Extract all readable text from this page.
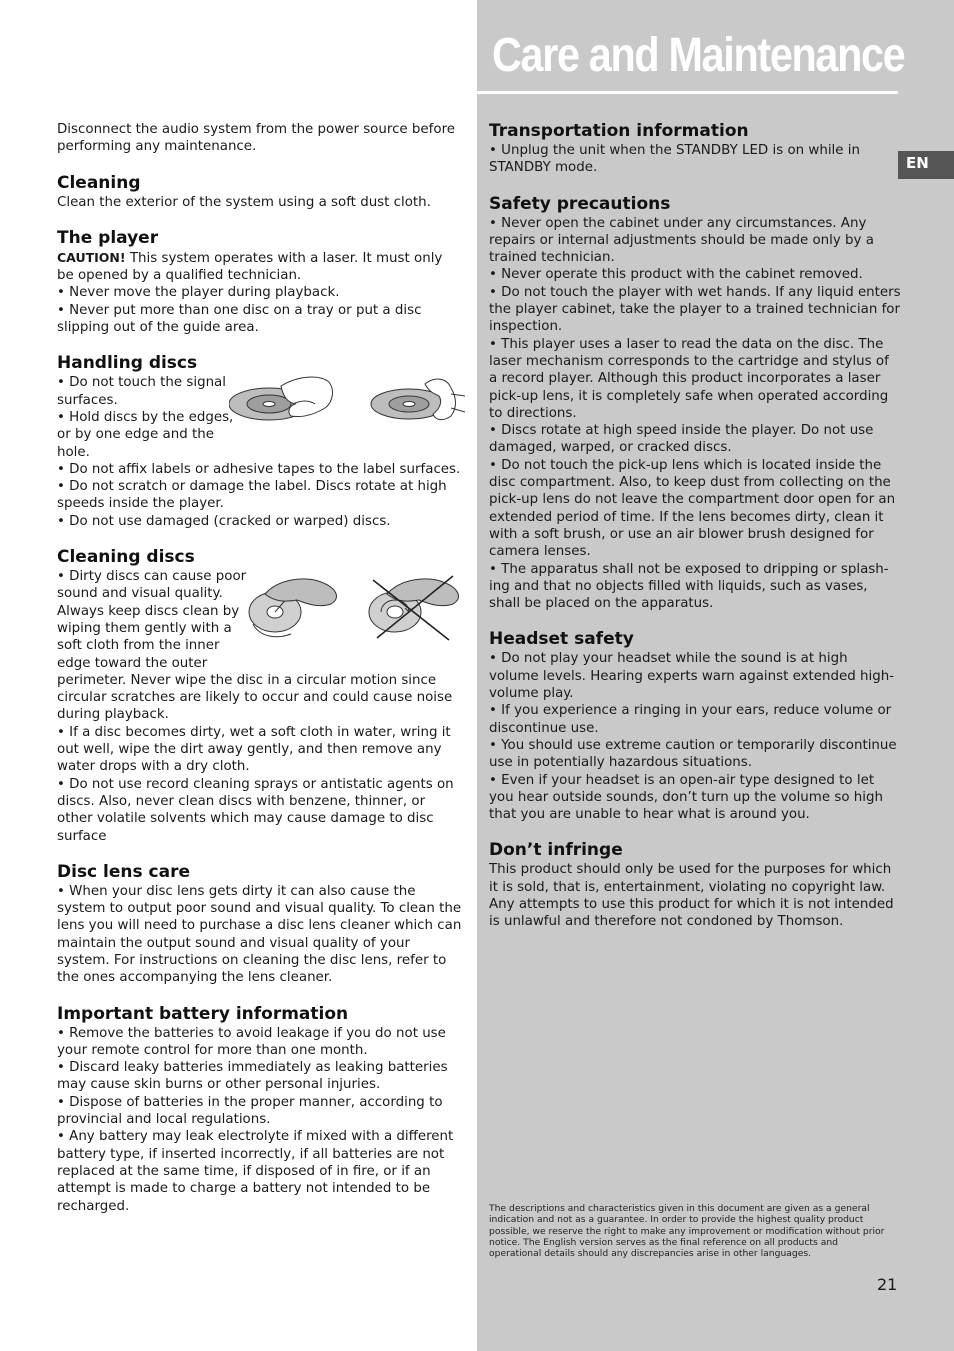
Care and Maintenance
EN

Disconnect the audio system from the power source before performing any maintenance.

Cleaning

Clean the exterior of the system using a soft dust cloth.

The player

CAUTION! This system operates with a laser. It must only be opened by a qualified technician.

• Never move the player during playback.

• Never put more than one disc on a tray or put a disc slipping out of the guide area.

Handling discs

• Do not touch the signal surfaces.

• Hold discs by the edges, or by one edge and the hole.

• Do not affix labels or adhesive tapes to the label surfaces.

• Do not scratch or damage the label. Discs rotate at high speeds inside the player.

• Do not use damaged (cracked or warped) discs.

Cleaning discs

• Dirty discs can cause poor sound and visual quality. Always keep discs clean by wiping them gently with a soft cloth from the inner edge toward the outer

perimeter. Never wipe the disc in a circular motion since circular scratches are likely to occur and could cause noise during playback.

• If a disc becomes dirty, wet a soft cloth in water, wring it out well, wipe the dirt away gently, and then remove any water drops with a dry cloth.

• Do not use record cleaning sprays or antistatic agents on discs. Also, never clean discs with benzene, thinner, or other volatile solvents which may cause damage to disc surface

Disc lens care

• When your disc lens gets dirty it can also cause the system to output poor sound and visual quality. To clean the lens you will need to purchase a disc lens cleaner which can maintain the output sound and visual quality of your system. For instructions on cleaning the disc lens, refer to the ones accompanying the lens cleaner.

Important battery information

• Remove the batteries to avoid leakage if you do not use your remote control for more than one month.

• Discard leaky batteries immediately as leaking batteries may cause skin burns or other personal injuries.

• Dispose of batteries in the proper manner, according to provincial and local regulations.

• Any battery may leak electrolyte if mixed with a different battery type, if inserted incorrectly, if all batteries are not replaced at the same time, if disposed of in fire, or if an attempt is made to charge a battery not intended to be recharged.

Transportation information

• Unplug the unit when the STANDBY LED is on while in STANDBY mode.

Safety precautions

• Never open the cabinet under any circumstances. Any repairs or internal adjustments should be made only by a trained technician.

• Never operate this product with the cabinet removed.

• Do not touch the player with wet hands. If any liquid enters the player cabinet, take the player to a trained technician for inspection.

• This player uses a laser to read the data on the disc. The laser mechanism corresponds to the cartridge and stylus of a record player. Although this product incorporates a laser pick-up lens, it is completely safe when operated according to directions.

• Discs rotate at high speed inside the player. Do not use damaged, warped, or cracked discs.

• Do not touch the pick-up lens which is located inside the disc compartment. Also, to keep dust from collecting on the pick-up lens do not leave the compartment door open for an extended period of time. If the lens becomes dirty, clean it with a soft brush, or use an air blower brush designed for camera lenses.

• The apparatus shall not be exposed to dripping or splash-ing and that no objects filled with liquids, such as vases, shall be placed on the apparatus.

Headset safety

• Do not play your headset while the sound is at high volume levels. Hearing experts warn against extended high-volume play.

• If you experience a ringing in your ears, reduce volume or discontinue use.

• You should use extreme caution or temporarily discontinue use in potentially hazardous situations.

• Even if your headset is an open-air type designed to let you hear outside sounds, don’t turn up the volume so high that you are unable to hear what is around you.

Don’t infringe

This product should only be used for the purposes for which it is sold, that is, entertainment, violating no copyright law. Any attempts to use this product for which it is not intended is unlawful and therefore not condoned by Thomson.

The descriptions and characteristics given in this document are given as a general indication and not as a guarantee. In order to provide the highest quality product possible, we reserve the right to make any improvement or modification without prior notice. The English version serves as the final reference on all products and operational details should any discrepancies arise in other languages.

21
